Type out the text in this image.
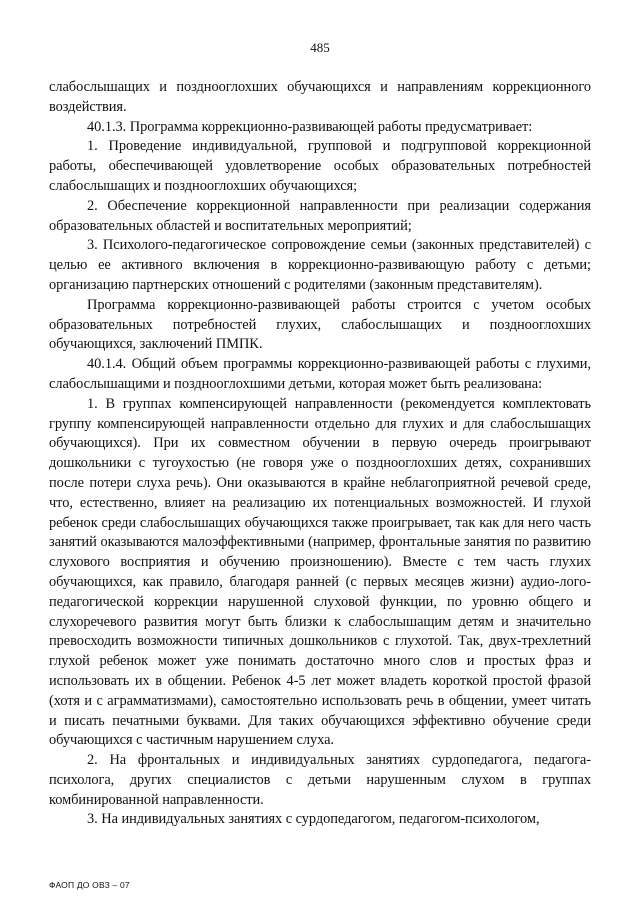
485

слабослышащих и позднооглохших обучающихся и направлениям коррекционного воздействия.

40.1.3. Программа коррекционно-развивающей работы предусматривает:

1. Проведение индивидуальной, групповой и подгрупповой коррекционной работы, обеспечивающей удовлетворение особых образовательных потребностей слабослышащих и позднооглохших обучающихся;

2. Обеспечение коррекционной направленности при реализации содержания образовательных областей и воспитательных мероприятий;

3. Психолого-педагогическое сопровождение семьи (законных представителей) с целью ее активного включения в коррекционно-развивающую работу с детьми; организацию партнерских отношений с родителями (законным представителям).

Программа коррекционно-развивающей работы строится с учетом особых образовательных потребностей глухих, слабослышащих и позднооглохших обучающихся, заключений ПМПК.

40.1.4. Общий объем программы коррекционно-развивающей работы с глухими, слабослышащими и позднооглохшими детьми, которая может быть реализована:

1. В группах компенсирующей направленности (рекомендуется комплектовать группу компенсирующей направленности отдельно для глухих и для слабослышащих обучающихся). При их совместном обучении в первую очередь проигрывают дошкольники с тугоухостью (не говоря уже о позднооглохших детях, сохранивших после потери слуха речь). Они оказываются в крайне неблагоприятной речевой среде, что, естественно, влияет на реализацию их потенциальных возможностей. И глухой ребенок среди слабослышащих обучающихся также проигрывает, так как для него часть занятий оказываются малоэффективными (например, фронтальные занятия по развитию слухового восприятия и обучению произношению). Вместе с тем часть глухих обучающихся, как правило, благодаря ранней (с первых месяцев жизни) аудио-лого-педагогической коррекции нарушенной слуховой функции, по уровню общего и слухоречевого развития могут быть близки к слабослышащим детям и значительно превосходить возможности типичных дошкольников с глухотой. Так, двух-трехлетний глухой ребенок может уже понимать достаточно много слов и простых фраз и использовать их в общении. Ребенок 4-5 лет может владеть короткой простой фразой (хотя и с аграмматизмами), самостоятельно использовать речь в общении, умеет читать и писать печатными буквами. Для таких обучающихся эффективно обучение среди обучающихся с частичным нарушением слуха.

2. На фронтальных и индивидуальных занятиях сурдопедагога, педагога-психолога, других специалистов с детьми нарушенным слухом в группах комбинированной направленности.

3. На индивидуальных занятиях с сурдопедагогом, педагогом-психологом,

ФАОП ДО ОВЗ – 07
